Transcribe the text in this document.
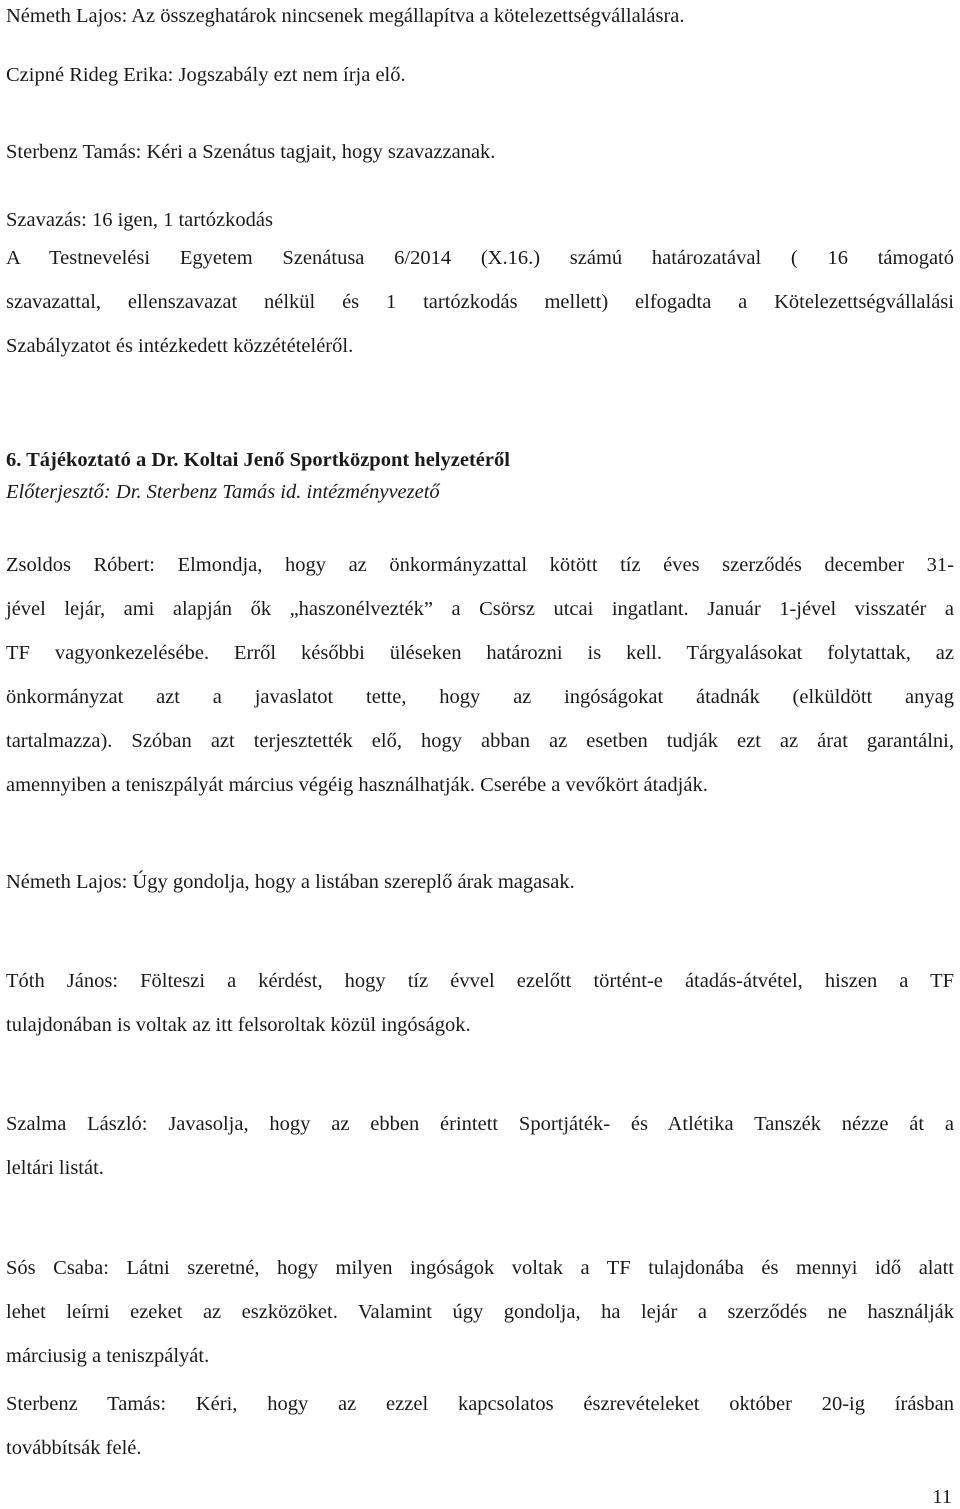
Németh Lajos: Az összeghatárok nincsenek megállapítva a kötelezettségvállalásra.
Czipné Rideg Erika: Jogszabály ezt nem írja elő.
Sterbenz Tamás: Kéri a Szenátus tagjait, hogy szavazzanak.
Szavazás: 16 igen, 1 tartózkodás
A Testnevelési Egyetem Szenátusa 6/2014 (X.16.) számú határozatával ( 16 támogató
szavazattal, ellenszavazat nélkül és 1 tartózkodás mellett) elfogadta a Kötelezettségvállalási
Szabályzatot és intézkedett közzétételéről.
6. Tájékoztató a Dr. Koltai Jenő Sportközpont helyzetéről
Előterjesztő: Dr. Sterbenz Tamás id. intézményvezető
Zsoldos Róbert: Elmondja, hogy az önkormányzattal kötött tíz éves szerződés december 31-
jével lejár, ami alapján ők „haszonélvezték” a Csörsz utcai ingatlant. Január 1-jével visszatér a
TF vagyonkezelésébe. Erről későbbi üléseken határozni is kell. Tárgyalásokat folytattak, az
önkormányzat azt a javaslatot tette, hogy az ingóságokat átadnák (elküldött anyag
tartalmazza). Szóban azt terjesztették elő, hogy abban az esetben tudják ezt az árat garantálni,
amennyiben a teniszpályát március végéig használhatják. Cserébe a vevőkört átadják.
Németh Lajos: Úgy gondolja, hogy a listában szereplő árak magasak.
Tóth János: Fölteszi a kérdést, hogy tíz évvel ezelőtt történt-e átadás-átvétel, hiszen a TF
tulajdonában is voltak az itt felsoroltak közül ingóságok.
Szalma László: Javasolja, hogy az ebben érintett Sportjáték- és Atlétika Tanszék nézze át a
leltári listát.
Sós Csaba: Látni szeretné, hogy milyen ingóságok voltak a TF tulajdonába és mennyi idő alatt
lehet leírni ezeket az eszközöket. Valamint úgy gondolja, ha lejár a szerződés ne használják
márciusig a teniszpályát.
Sterbenz Tamás: Kéri, hogy az ezzel kapcsolatos észrevételeket október 20-ig írásban
továbbítsák felé.
11
